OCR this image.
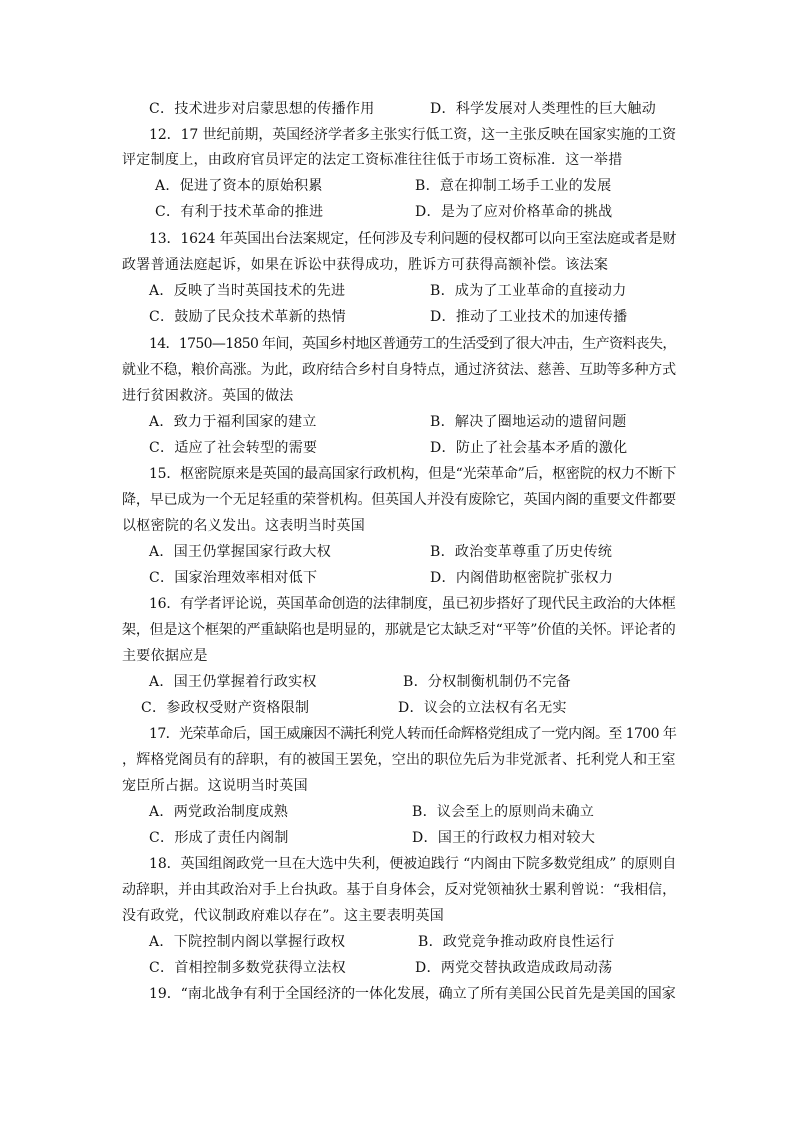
C．技术进步对启蒙思想的传播作用	D．科学发展对人类理性的巨大触动
12．17 世纪前期，英国经济学者多主张实行低工资，这一主张反映在国家实施的工资
评定制度上，由政府官员评定的法定工资标准往往低于市场工资标准．这一举措
A．促进了资本的原始积累	B．意在抑制工场手工业的发展
C．有利于技术革命的推进	D．是为了应对价格革命的挑战
13．1624 年英国出台法案规定，任何涉及专利问题的侵权都可以向王室法庭或者是财
政署普通法庭起诉，如果在诉讼中获得成功，胜诉方可获得高额补偿。该法案
A．反映了当时英国技术的先进	B．成为了工业革命的直接动力
C．鼓励了民众技术革新的热情	D．推动了工业技术的加速传播
14．1750—1850 年间，英国乡村地区普通劳工的生活受到了很大冲击，生产资料丧失，
就业不稳，粮价高涨。为此，政府结合乡村自身特点，通过济贫法、慈善、互助等多种方式
进行贫困救济。英国的做法
A．致力于福利国家的建立	B．解决了圈地运动的遗留问题
C．适应了社会转型的需要	D．防止了社会基本矛盾的激化
15．枢密院原来是英国的最高国家行政机构，但是“光荣革命”后，枢密院的权力不断下
降，早已成为一个无足轻重的荣誉机构。但英国人并没有废除它，英国内阁的重要文件都要
以枢密院的名义发出。这表明当时英国
A．国王仍掌握国家行政大权	B．政治变革尊重了历史传统
C．国家治理效率相对低下	D．内阁借助枢密院扩张权力
16．有学者评论说，英国革命创造的法律制度，虽已初步搭好了现代民主政治的大体框
架，但是这个框架的严重缺陷也是明显的，那就是它太缺乏对“平等”价值的关怀。评论者的
主要依据应是
A．国王仍掌握着行政实权	B．分权制衡机制仍不完备
C．参政权受财产资格限制	D．议会的立法权有名无实
17．光荣革命后，国王威廉因不满托利党人转而任命辉格党组成了一党内阁。至 1700 年
，辉格党阁员有的辞职，有的被国王罢免，空出的职位先后为非党派者、托利党人和王室
宠臣所占据。这说明当时英国
A．两党政治制度成熟	B．议会至上的原则尚未确立
C．形成了责任内阁制	D．国王的行政权力相对较大
18．英国组阁政党一旦在大选中失利，便被迫践行 “内阁由下院多数党组成” 的原则自
动辞职，并由其政治对手上台执政。基于自身体会，反对党领袖狄士累利曾说：“我相信，
没有政党，代议制政府难以存在”。这主要表明英国
A．下院控制内阁以掌握行政权	B．政党竞争推动政府良性运行
C．首相控制多数党获得立法权	D．两党交替执政造成政局动荡
19．“南北战争有利于全国经济的一体化发展，确立了所有美国公民首先是美国的国家
